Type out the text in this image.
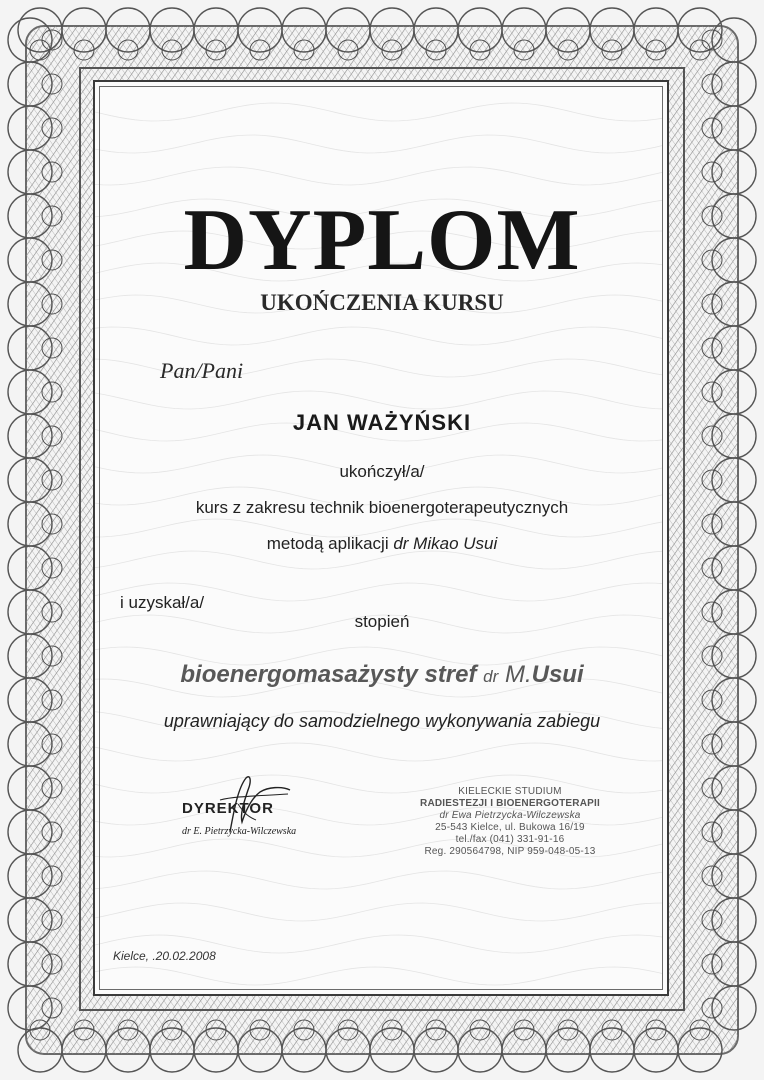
DYPLOM
UKOŃCZENIA KURSU
Pan/Pani
JAN WAŻYŃSKI
ukończył/a/
kurs z zakresu technik bioenergoterapeutycznych
metodą aplikacji dr Mikao Usui
i uzyskał/a/
stopień
bioenergomasażysty stref dr M.Usui
uprawniający do samodzielnego wykonywania zabiegu
DYREKTOR
dr E. Pietrzycka-Wilczewska
KIELECKIE STUDIUM
RADIESTEZJI I BIOENERGOTERAPII
dr Ewa Pietrzycka-Wilczewska
25-543 Kielce, ul. Bukowa 16/19
tel./fax (041) 331-91-16
Reg. 290564798, NIP 959-048-05-13
Kielce, .20.02.2008
